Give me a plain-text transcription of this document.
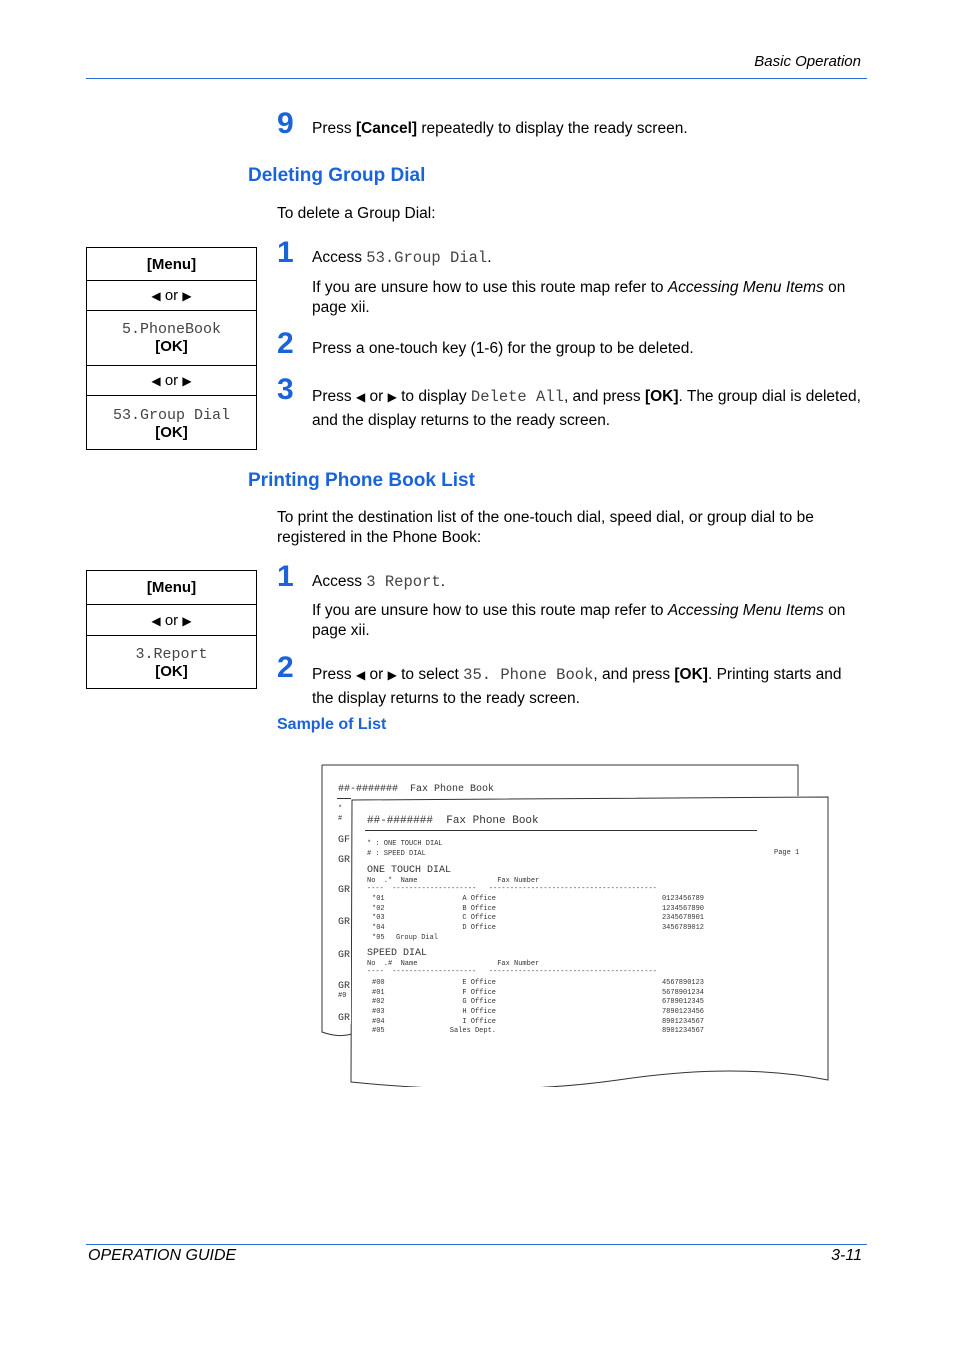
Basic Operation
9 Press [Cancel] repeatedly to display the ready screen.
Deleting Group Dial
To delete a Group Dial:
[Menu]
◀ or ▶
5.PhoneBook
[OK]
◀ or ▶
53.Group Dial
[OK]
1 Access 53.Group Dial.
If you are unsure how to use this route map refer to Accessing Menu Items on page xii.
2 Press a one-touch key (1-6) for the group to be deleted.
3 Press ◀ or ▶ to display Delete All, and press [OK]. The group dial is deleted, and the display returns to the ready screen.
Printing Phone Book List
To print the destination list of the one-touch dial, speed dial, or group dial to be registered in the Phone Book:
[Menu]
◀ or ▶
3.Report
[OK]
1 Access 3 Report.
If you are unsure how to use this route map refer to Accessing Menu Items on page xii.
2 Press ◀ or ▶ to select 35. Phone Book, and press [OK]. Printing starts and the display returns to the ready screen.
Sample of List
##-#######  Fax Phone Book
*
#
GF
GR
GR
GR
GR
GR
#0
GR
##-#######  Fax Phone Book
* : ONE TOUCH DIAL
# : SPEED DIAL	Page 1
ONE TOUCH DIAL
No  .*  Name                   Fax Number
----  --------------------   ----------------------------------------
*01	A Office	0123456789
*02	B Office	1234567890
*03	C Office	2345678901
*04	D Office	3456789012
*05 Group Dial
SPEED DIAL
No  .#  Name                   Fax Number
----  --------------------   ----------------------------------------
#00	E Office	4567890123
#01	F Office	5678901234
#02	G Office	6789012345
#03	H Office	7890123456
#04	I Office	8901234567
#05	Sales Dept.	8901234567
OPERATION GUIDE	3-11
